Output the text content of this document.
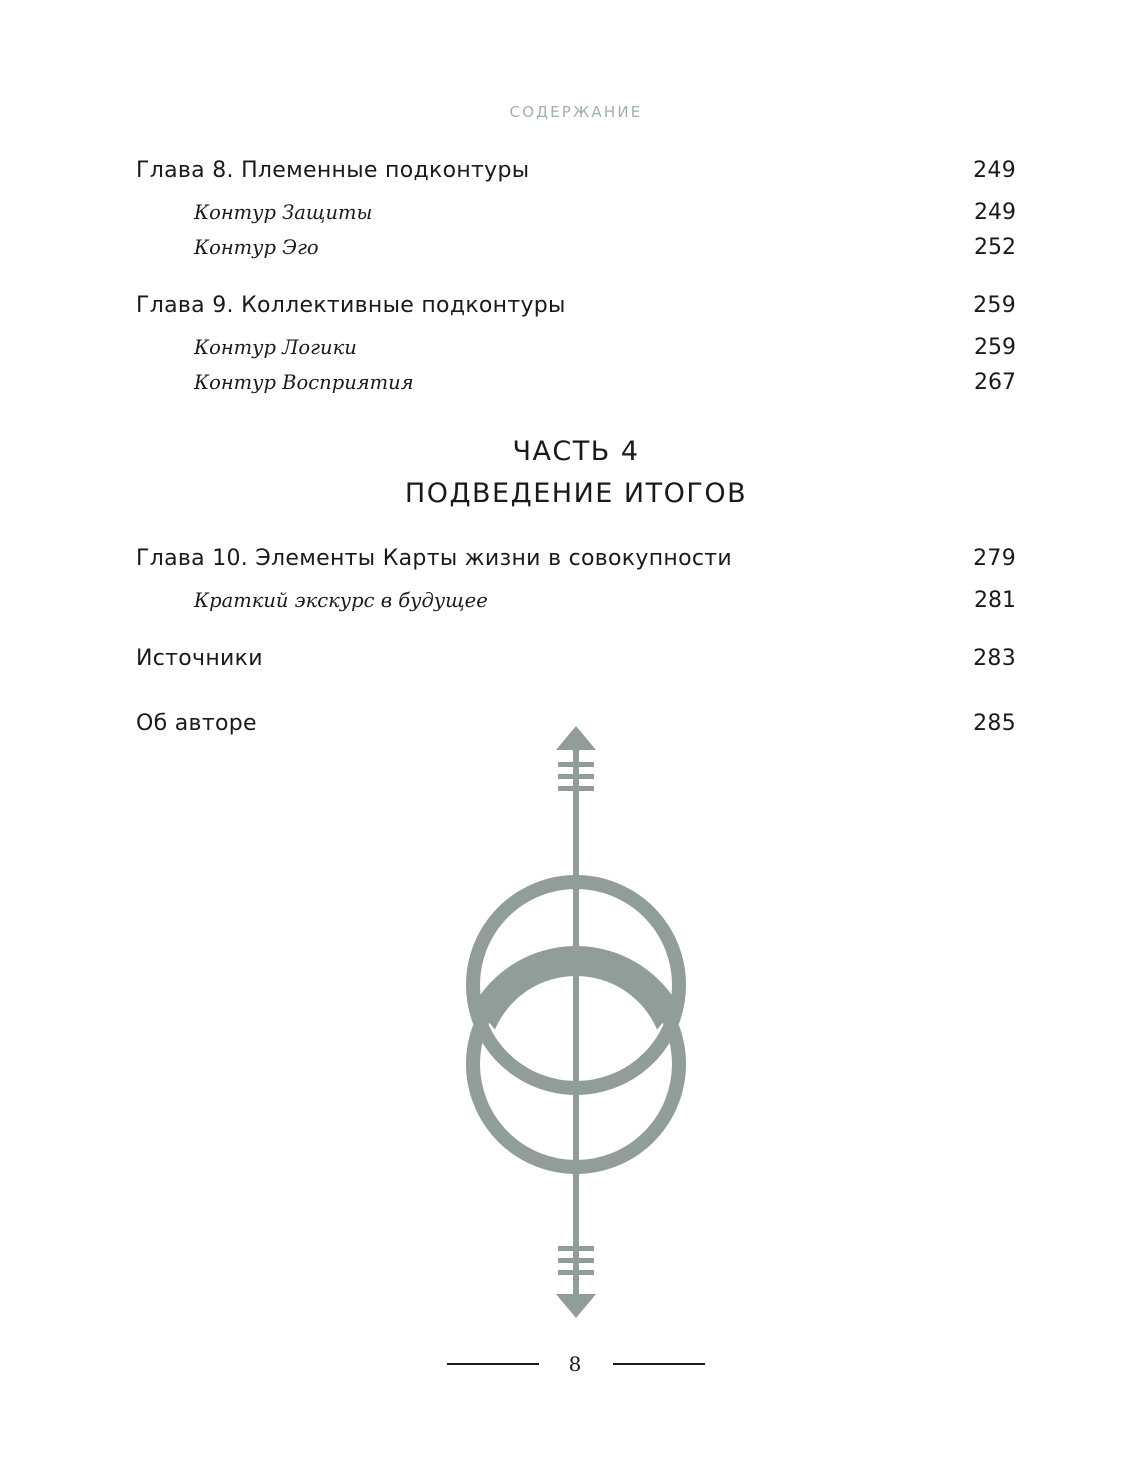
СОДЕРЖАНИЕ
Глава 8. Племенные подконтуры	249
Контур Защиты	249
Контур Эго	252
Глава 9. Коллективные подконтуры	259
Контур Логики	259
Контур Восприятия	267
ЧАСТЬ 4
ПОДВЕДЕНИЕ ИТОГОВ
Глава 10. Элементы Карты жизни в совокупности	279
Краткий экскурс в будущее	281
Источники	283
Об авторе	285
8
